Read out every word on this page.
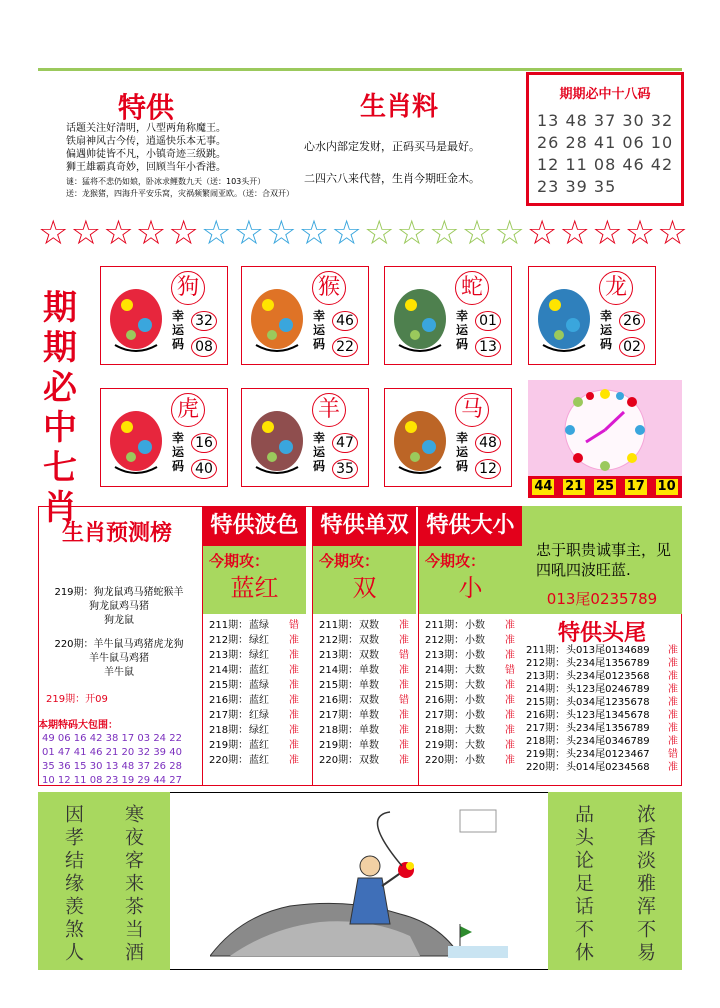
特供	生肖料
话题关注好清明，八型两角称魔王。
铁扇神风古今传，逍遥快乐本无事。
偏遇帅徒皆不凡，小镇奇迹三级跳。
狮王雄霸真奇妙，回顾当年小香港。
谜：猛将不悲仍如娘，卧冰求鲤数九天（送：103头开）
送：龙猴猪，四海升平安乐窝，灾祸频繁闹亚欧。（送：合双开）
心水内部定发财，正码买马是最好。
二四六八来代替，生肖今期旺金木。
期期必中十八码
13 48 37 30 32
26 28 41 06 10
12 11 08 46 42
23 39 35
☆ ☆ ☆ ☆ ☆ ☆ ☆ ☆ ☆ ☆ ☆ ☆ ☆ ☆ ☆ ☆ ☆ ☆ ☆ ☆
期
期
必
中
七
肖
狗
幸
运
码
32
08
猴
幸
运
码
46
22
蛇
幸
运
码
01
13
龙
幸
运
码
26
02
虎
幸
运
码
16
40
羊
幸
运
码
47
35
马
幸
运
码
48
12
44 21 25 17 10
生肖预测榜
219期：狗龙鼠鸡马猪蛇猴羊
狗龙鼠鸡马猪
狗龙鼠
220期：羊牛鼠马鸡猪虎龙狗
羊牛鼠马鸡猪
羊牛鼠
219期：开09
本期特码大包围：
49 06 16 42 38 17 03 24 22
01 47 41 46 21 20 32 39 40
35 36 15 30 13 48 37 26 28
10 12 11 08 23 19 29 44 27
特供波色
今期攻：
蓝红
211期： 蓝绿	错
212期： 绿红	准
213期： 绿红	准
214期： 蓝红	准
215期： 蓝绿	准
216期： 蓝红	准
217期： 红绿	准
218期： 绿红	准
219期： 蓝红	准
220期： 蓝红	准
特供单双
今期攻：
双
211期： 双数	准
212期： 双数	准
213期： 双数	错
214期： 单数	准
215期： 单数	准
216期： 双数	错
217期： 单数	准
218期： 单数	准
219期： 单数	准
220期： 双数	准
特供大小
今期攻：
小
211期： 小数	准
212期： 小数	准
213期： 小数	准
214期： 大数	错
215期： 大数	准
216期： 小数	准
217期： 小数	准
218期： 大数	准
219期： 大数	准
220期： 小数	准
忠于职贵诚事主，见四吼四波旺蓝.
013尾0235789
特供头尾
211期： 头013尾0134689	准
212期： 头234尾1356789	准
213期： 头234尾0123568	准
214期： 头123尾0246789	准
215期： 头034尾1235678	准
216期： 头123尾1345678	准
217期： 头234尾1356789	准
218期： 头234尾0346789	准
219期： 头234尾0123467	错
220期： 头014尾0234568	准
寒夜客来茶当酒
因孝结缘羡煞人	浓香淡雅浑不易
品头论足话不休
